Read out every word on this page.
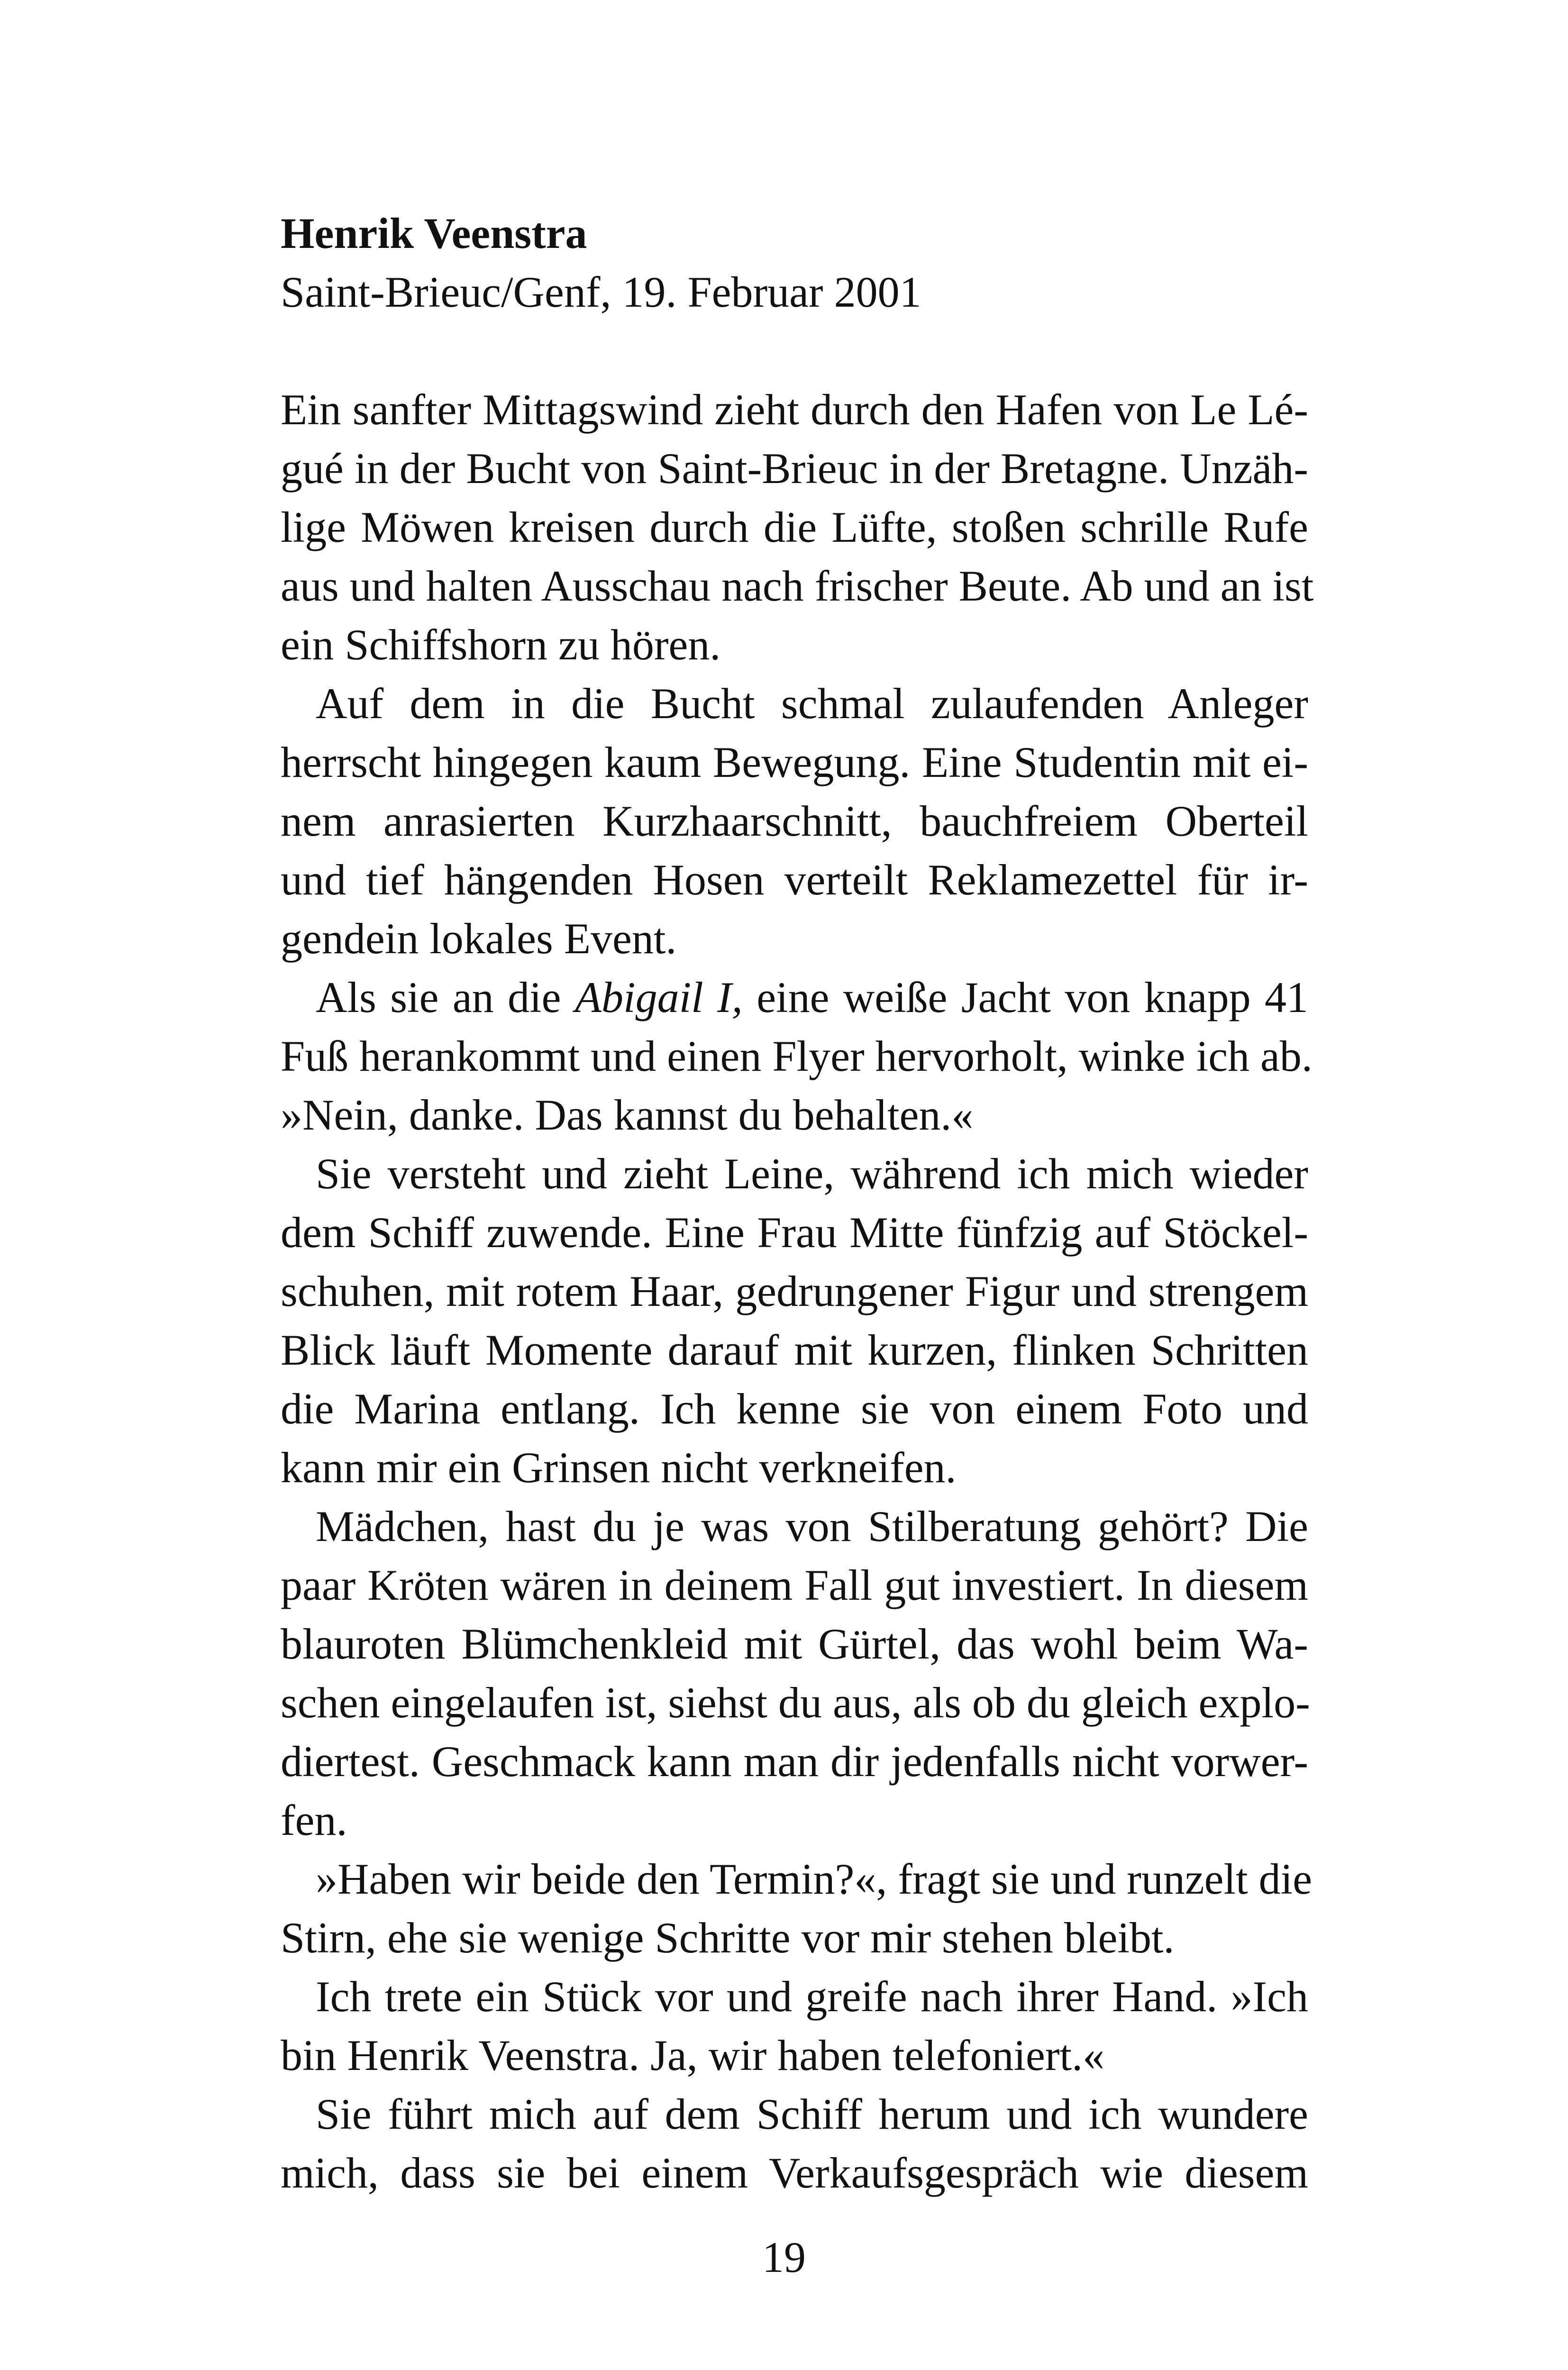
Henrik Veenstra
Saint-Brieuc/Genf, 19. Februar 2001
Ein sanfter Mittagswind zieht durch den Hafen von Le Lé-
gué in der Bucht von Saint-Brieuc in der Bretagne. Unzäh-
lige Möwen kreisen durch die Lüfte, stoßen schrille Rufe
aus und halten Ausschau nach frischer Beute. Ab und an ist
ein Schiffshorn zu hören.
Auf dem in die Bucht schmal zulaufenden Anleger
herrscht hingegen kaum Bewegung. Eine Studentin mit ei-
nem anrasierten Kurzhaarschnitt, bauchfreiem Oberteil
und tief hängenden Hosen verteilt Reklamezettel für ir-
gendein lokales Event.
Als sie an die Abigail I, eine weiße Jacht von knapp 41
Fuß herankommt und einen Flyer hervorholt, winke ich ab.
»Nein, danke. Das kannst du behalten.«
Sie versteht und zieht Leine, während ich mich wieder
dem Schiff zuwende. Eine Frau Mitte fünfzig auf Stöckel-
schuhen, mit rotem Haar, gedrungener Figur und strengem
Blick läuft Momente darauf mit kurzen, flinken Schritten
die Marina entlang. Ich kenne sie von einem Foto und
kann mir ein Grinsen nicht verkneifen.
Mädchen, hast du je was von Stilberatung gehört? Die
paar Kröten wären in deinem Fall gut investiert. In diesem
blauroten Blümchenkleid mit Gürtel, das wohl beim Wa-
schen eingelaufen ist, siehst du aus, als ob du gleich explo-
diertest. Geschmack kann man dir jedenfalls nicht vorwer-
fen.
»Haben wir beide den Termin?«, fragt sie und runzelt die
Stirn, ehe sie wenige Schritte vor mir stehen bleibt.
Ich trete ein Stück vor und greife nach ihrer Hand. »Ich
bin Henrik Veenstra. Ja, wir haben telefoniert.«
Sie führt mich auf dem Schiff herum und ich wundere
mich, dass sie bei einem Verkaufsgespräch wie diesem
19
